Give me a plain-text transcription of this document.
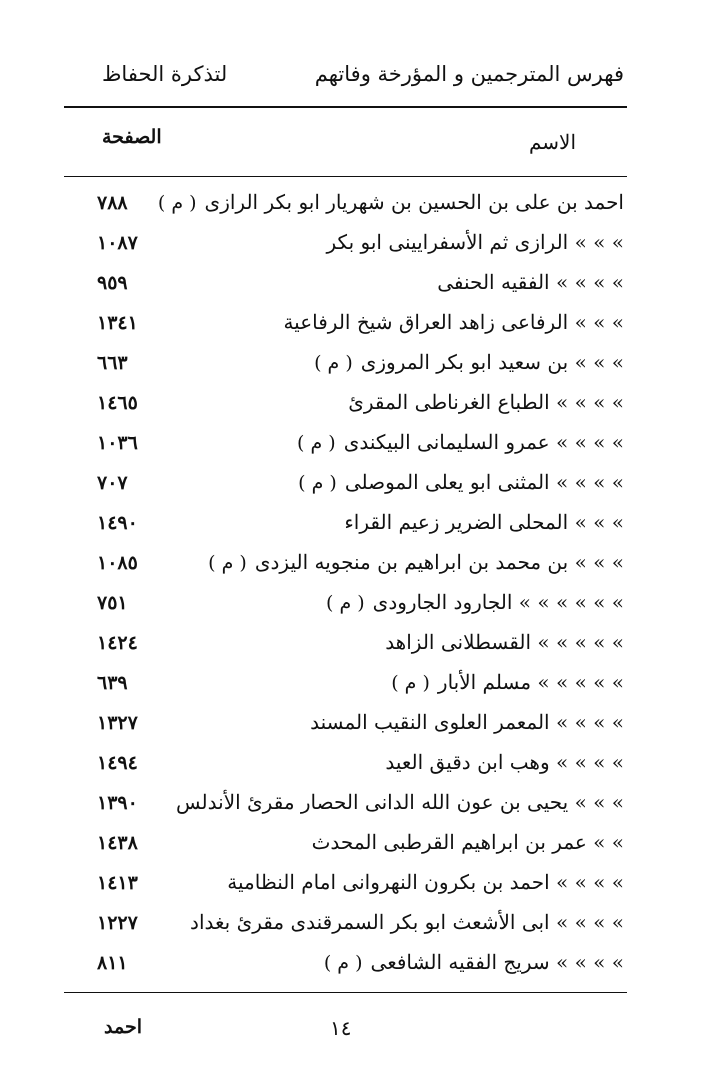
فهرس المترجمين و المؤرخة وفاتهم
لتذكرة الحفاظ
الاسم
الصفحة
احمد بن على بن الحسين بن شهريار ابو بكر الرازى( م )
٧٨٨
» » » الرازى ثم الأسفرايينى ابو بكر
١٠٨٧
» » » » الفقيه الحنفى
٩٥٩
» » » الرفاعى زاهد العراق شيخ الرفاعية
١٣٤١
» » » بن سعيد ابو بكر المروزى( م )
٦٦٣
» » » » الطباع الغرناطى المقرئ
١٤٦٥
» » » » عمرو السليمانى البيكندى( م )
١٠٣٦
» » » » المثنى ابو يعلى الموصلى( م )
٧٠٧
» » » المحلى الضرير زعيم القراء
١٤٩٠
» » » بن محمد بن ابراهيم بن منجويه اليزدى( م )
١٠٨٥
» » » » » » الجارود الجارودى( م )
٧٥١
» » » » » القسطلانى الزاهد
١٤٢٤
» » » » » مسلم الأبار( م )
٦٣٩
» » » » المعمر العلوى النقيب المسند
١٣٢٧
» » » » وهب ابن دقيق العيد
١٤٩٤
» » » يحيى بن عون الله الدانى الحصار مقرئ الأندلس
١٣٩٠
» » عمر بن ابراهيم القرطبى المحدث
١٤٣٨
» » » » احمد بن بكرون النهروانى امام النظامية
١٤١٣
» » » » ابى الأشعث ابو بكر السمرقندى مقرئ بغداد
١٢٢٧
» » » » سريج الفقيه الشافعى( م )
٨١١
١٤
احمد
